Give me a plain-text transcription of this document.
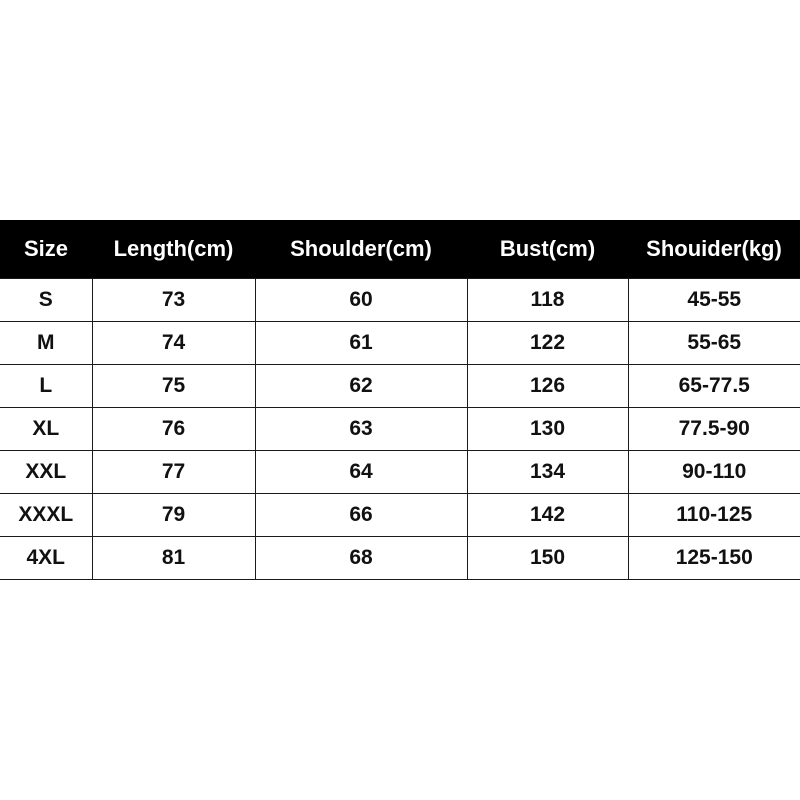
Size	Length(cm)	Shoulder(cm)	Bust(cm)	Shouider(kg)
S	73	60	118	45-55
M	74	61	122	55-65
L	75	62	126	65-77.5
XL	76	63	130	77.5-90
XXL	77	64	134	90-110
XXXL	79	66	142	110-125
4XL	81	68	150	125-150
